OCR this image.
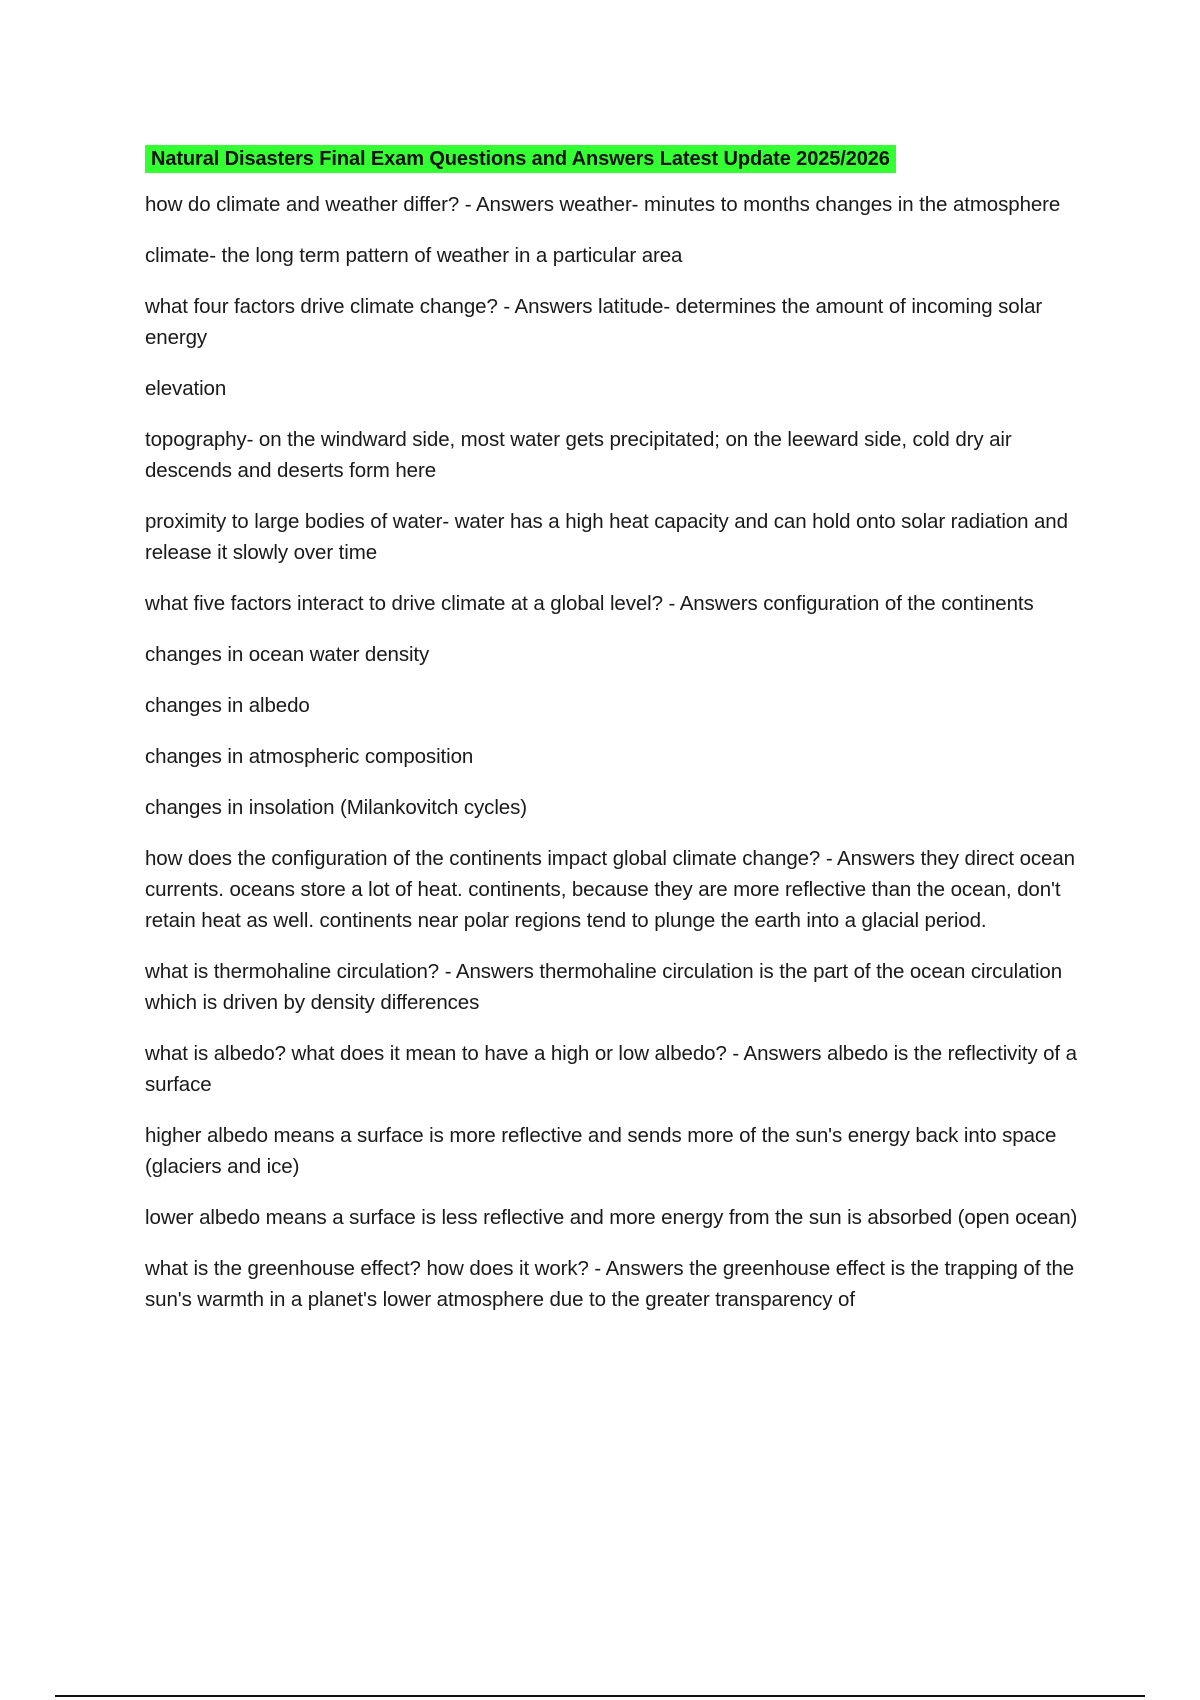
Natural Disasters Final Exam Questions and Answers Latest Update 2025/2026

how do climate and weather differ? - Answers weather- minutes to months changes in the atmosphere

climate- the long term pattern of weather in a particular area

what four factors drive climate change? - Answers latitude- determines the amount of incoming solar energy

elevation

topography- on the windward side, most water gets precipitated; on the leeward side, cold dry air descends and deserts form here

proximity to large bodies of water- water has a high heat capacity and can hold onto solar radiation and release it slowly over time

what five factors interact to drive climate at a global level? - Answers configuration of the continents

changes in ocean water density

changes in albedo

changes in atmospheric composition

changes in insolation (Milankovitch cycles)

how does the configuration of the continents impact global climate change? - Answers they direct ocean currents. oceans store a lot of heat. continents, because they are more reflective than the ocean, don't retain heat as well. continents near polar regions tend to plunge the earth into a glacial period.

what is thermohaline circulation? - Answers thermohaline circulation is the part of the ocean circulation which is driven by density differences

what is albedo? what does it mean to have a high or low albedo? - Answers albedo is the reflectivity of a surface

higher albedo means a surface is more reflective and sends more of the sun's energy back into space (glaciers and ice)

lower albedo means a surface is less reflective and more energy from the sun is absorbed (open ocean)

what is the greenhouse effect? how does it work? - Answers the greenhouse effect is the trapping of the sun's warmth in a planet's lower atmosphere due to the greater transparency of
